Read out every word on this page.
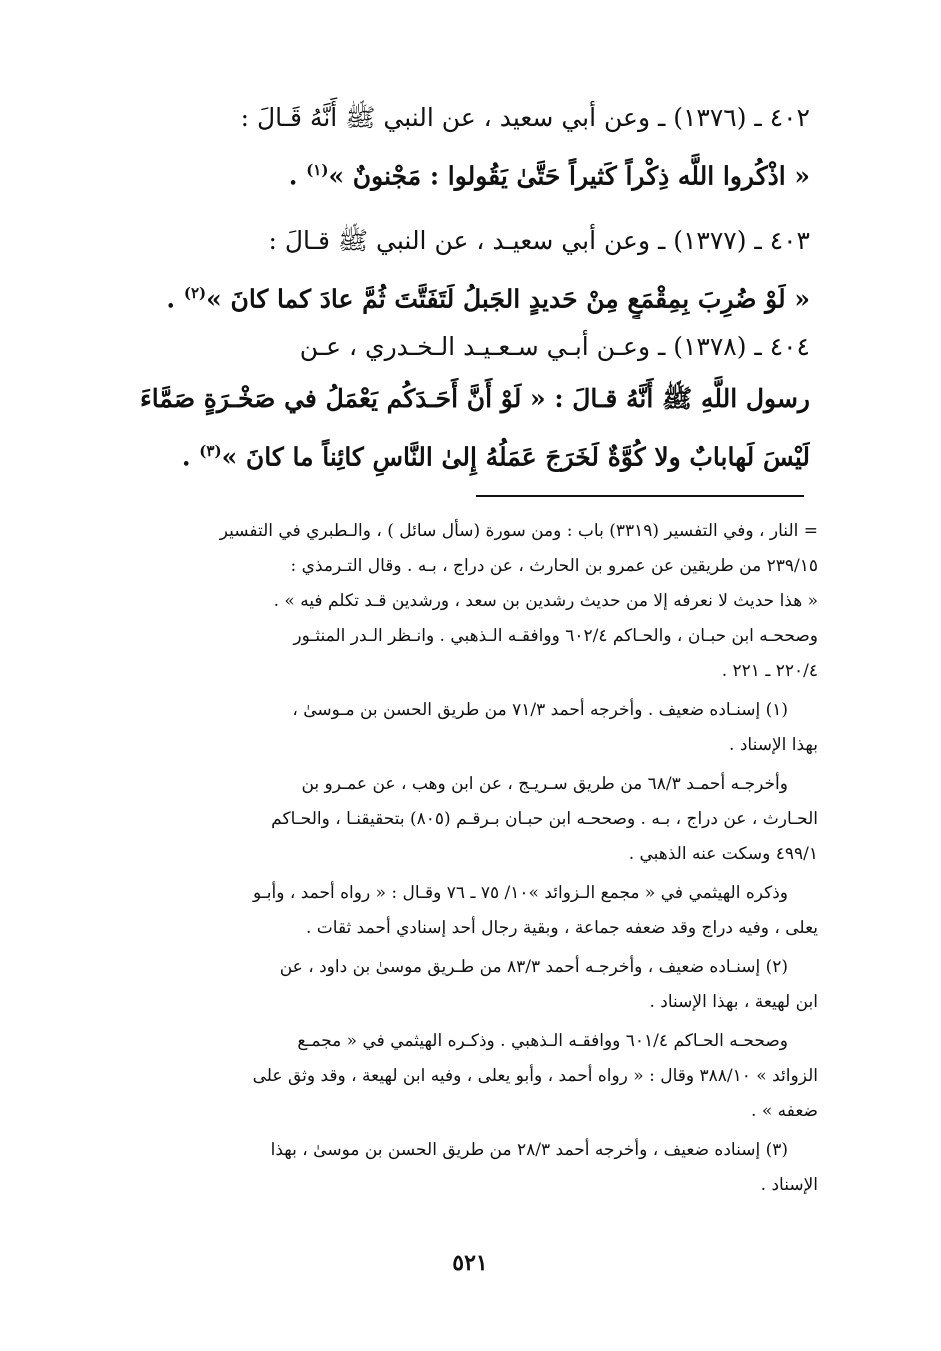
٤٠٢ ـ (١٣٧٦) ـ وعن أبي سعيد ، عن النبي ﷺ أَنَّهُ قَـالَ :
« اذْكُروا اللَّه ذِكْراً كَثيراً حَتَّىٰ يَقُولوا : مَجْنونٌ »$^{(١)}$ .
٤٠٣ ـ (١٣٧٧) ـ وعن أبي سعيـد ، عن النبي ﷺ قـالَ :
« لَوْ ضُرِبَ بِمِقْمَعٍ مِنْ حَديدٍ الجَبلُ لَتَفَتَّتَ ثُمَّ عادَ كما كانَ »$^{(٢)}$ .
٤٠٤ ـ (١٣٧٨) ـ وعـن أبـي سـعـيـد الـخـدري ، عـن
رسول اللَّهِ ﷺ أَنَّهُ قـالَ : « لَوْ أَنَّ أَحَـدَكُم يَعْمَلُ في صَخْـرَةٍ صَمَّاءَ
لَيْسَ لَهابابٌ ولا كُوَّةٌ لَخَرَجَ عَمَلُهُ إِلىٰ النَّاسِ كائِناً ما كانَ »$^{(٣)}$ .
= النار ، وفي التفسير (٣٣١٩) باب : ومن سورة (سأل سائل ) ، والـطبري في التفسير
٢٣٩/١٥ من طريقين عن عمرو بن الحارث ، عن دراج ، بـه . وقال التـرمذي :
« هذا حديث لا نعرفه إلا من حديث رشدين بن سعد ، ورشدين قـد تكلم فيه » .
وصححـه ابن حبـان ، والحـاكم ٦٠٢/٤ ووافقـه الـذهبي . وانـظر الـدر المنثـور
٢٢٠/٤ ـ ٢٢١ .
(١) إسنـاده ضعيف . وأخرجه أحمد ٧١/٣ من طريق الحسن بن مـوسىٰ ،
بهذا الإسناد .
وأخرجـه أحمـد ٦٨/٣ من طريق سـريـج ، عن ابن وهب ، عن عمـرو بن
الحـارث ، عن دراج ، بـه . وصححـه ابن حبـان بـرقـم (٨٠٥) بتحقيقنـا ، والحـاكم
٤٩٩/١ وسكت عنه الذهبي .
وذكره الهيثمي في « مجمع الـزوائد »١٠/ ٧٥ ـ ٧٦ وقـال : « رواه أحمد ، وأبـو
يعلى ، وفيه دراج وقد ضعفه جماعة ، وبقية رجال أحد إسنادي أحمد ثقات .
(٢) إسنـاده ضعيف ، وأخرجـه أحمد ٨٣/٣ من طـريق موسىٰ بن داود ، عن
ابن لهيعة ، بهذا الإسناد .
وصححـه الحـاكم ٦٠١/٤ ووافقـه الـذهبي . وذكـره الهيثمي في « مجمـع
الزوائد » ٣٨٨/١٠ وقال : « رواه أحمد ، وأبو يعلى ، وفيه ابن لهيعة ، وقد وثق على
ضعفه » .
(٣) إسناده ضعيف ، وأخرجه أحمد ٢٨/٣ من طريق الحسن بن موسىٰ ، بهذا
الإسناد .
٥٢١
